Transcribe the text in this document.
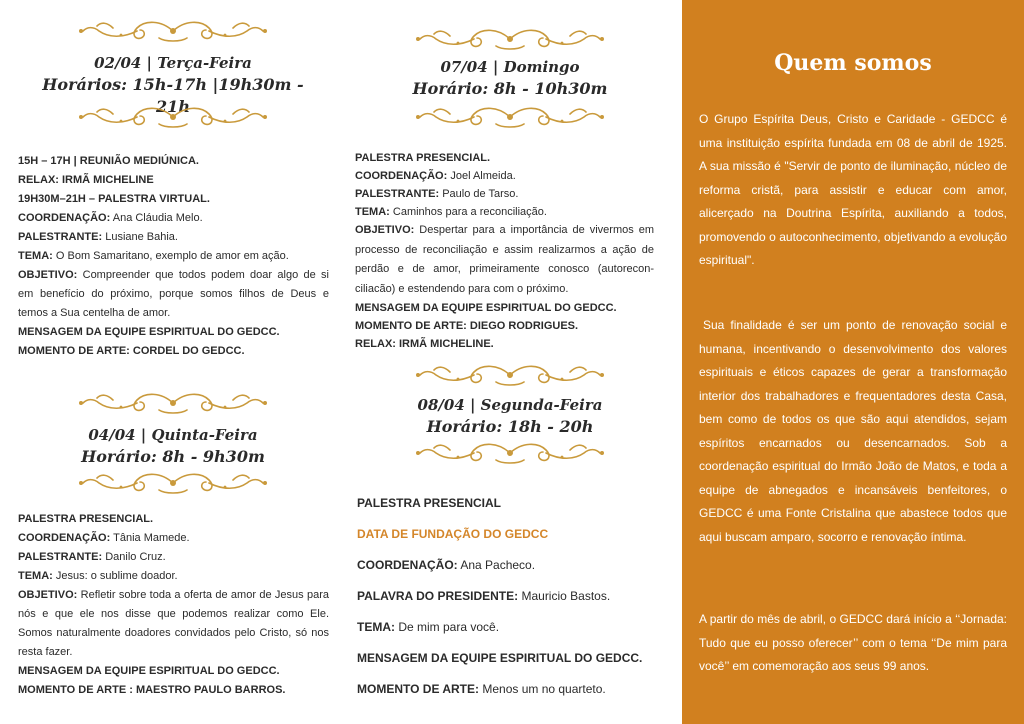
02/04 | Terça-Feira
Horários: 15h-17h |19h30m - 21h

15H – 17H | REUNIÃO MEDIÚNICA.

RELAX: IRMÃ MICHELINE

19H30M–21H – PALESTRA VIRTUAL.

COORDENAÇÃO: Ana Cláudia Melo.

PALESTRANTE: Lusiane Bahia.

TEMA: O Bom Samaritano, exemplo de amor em ação.

OBJETIVO: Compreender que todos podem doar algo de si em benefício do próximo, porque somos filhos de Deus e temos a Sua centelha de amor.

MENSAGEM DA EQUIPE ESPIRITUAL DO GEDCC.

MOMENTO DE ARTE: CORDEL DO GEDCC.

04/04 | Quinta-Feira
Horário: 8h - 9h30m

PALESTRA PRESENCIAL.

COORDENAÇÃO: Tânia Mamede.

PALESTRANTE: Danilo Cruz.

TEMA: Jesus: o sublime doador.

OBJETIVO: Refletir sobre toda a oferta de amor de Jesus para nós e que ele nos disse que podemos realizar como Ele. Somos naturalmente doadores convidados pelo Cristo, só nos resta fazer.

MENSAGEM DA EQUIPE ESPIRITUAL DO GEDCC.

MOMENTO DE ARTE : MAESTRO PAULO BARROS.

07/04 | Domingo
Horário: 8h - 10h30m

PALESTRA PRESENCIAL.

COORDENAÇÃO: Joel Almeida.

PALESTRANTE: Paulo de Tarso.

TEMA: Caminhos para a reconciliação.

OBJETIVO: Despertar para a importância de vivermos em processo de reconciliação e assim realizarmos a ação de perdão e de amor, primeiramente conosco (autorecon-ciliacão) e estendendo para com o próximo.

MENSAGEM DA EQUIPE ESPIRITUAL DO GEDCC.

MOMENTO DE ARTE: DIEGO RODRIGUES.

RELAX: IRMÃ MICHELINE.

08/04 | Segunda-Feira
Horário: 18h - 20h

PALESTRA PRESENCIAL

DATA DE FUNDAÇÃO DO GEDCC

COORDENAÇÃO: Ana Pacheco.

PALAVRA DO PRESIDENTE: Mauricio Bastos.

TEMA: De mim para você.

MENSAGEM DA EQUIPE ESPIRITUAL DO GEDCC.

MOMENTO DE ARTE: Menos um no quarteto.

Quem somos

O Grupo Espírita Deus, Cristo e Caridade - GEDCC é uma instituição espírita fundada em 08 de abril de 1925. A sua missão é "Servir de ponto de iluminação, núcleo de reforma cristã, para assistir e educar com amor, alicerçado na Doutrina Espírita, auxiliando a todos, promovendo o autoconhecimento, objetivando a evolução espiritual".

Sua finalidade é ser um ponto de renovação social e humana, incentivando o desenvolvimento dos valores espirituais e éticos capazes de gerar a transformação interior dos trabalhadores e frequentadores desta Casa, bem como de todos os que são aqui atendidos, sejam espíritos encarnados ou desencarnados. Sob a coordenação espiritual do Irmão João de Matos, e toda a equipe de abnegados e incansáveis benfeitores, o GEDCC é uma Fonte Cristalina que abastece todos que aqui buscam amparo, socorro e renovação íntima.

A partir do mês de abril, o GEDCC dará início a ‘‘Jornada: Tudo que eu posso oferecer’’ com o tema ‘‘De mim para você’’ em comemoração aos seus 99 anos.
